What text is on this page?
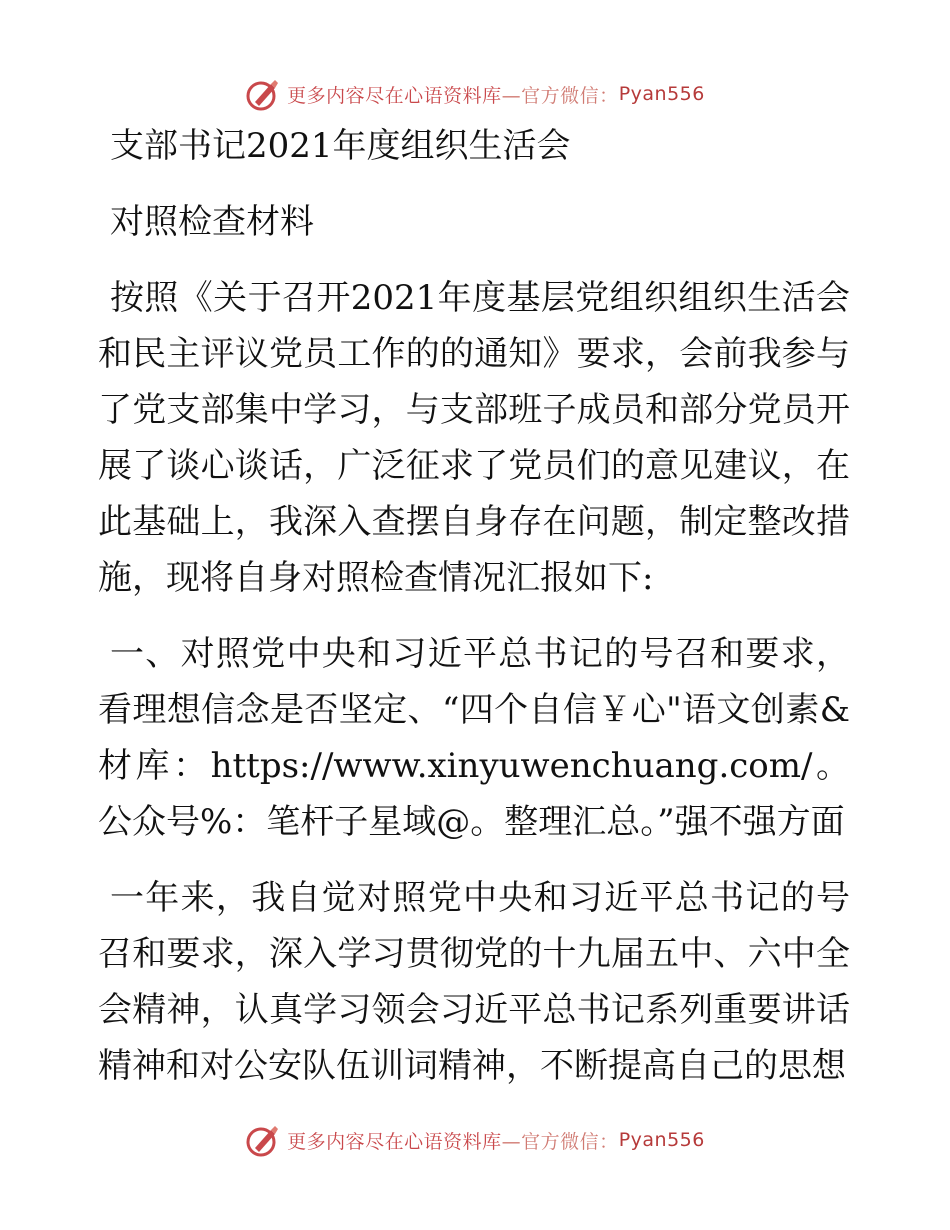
更多内容尽在心语资料库 —官方微信： Pyan556

支部书记2021年度组织生活会

对照检查材料

按照《关于召开2021年度基层党组织组织生活会和民主评议党员工作的的通知》要求，会前我参与了党支部集中学习，与支部班子成员和部分党员开展了谈心谈话，广泛征求了党员们的意见建议，在此基础上，我深入查摆自身存在问题，制定整改措施，现将自身对照检查情况汇报如下:

一、对照党中央和习近平总书记的号召和要求，看理想信念是否坚定、“四个自信￥心"语文创素&材库：https://www.xinyuwenchuang.com/。公众号%：笔杆子星域@。整理汇总。”强不强方面

一年来，我自觉对照党中央和习近平总书记的号召和要求，深入学习贯彻党的十九届五中、六中全会精神，认真学习领会习近平总书记系列重要讲话精神和对公安队伍训词精神，不断提高自己的思想

更多内容尽在心语资料库 —官方微信： Pyan556
